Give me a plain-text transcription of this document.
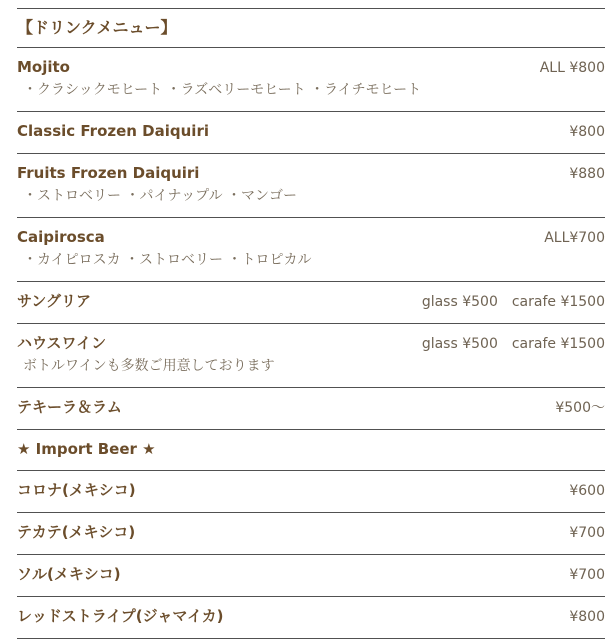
【ドリンクメニュー】
Mojito	ALL ¥800
・クラシックモヒート ・ラズベリーモヒート ・ライチモヒート
Classic Frozen Daiquiri	¥800
Fruits Frozen Daiquiri	¥880
・ストロベリー ・パイナップル ・マンゴー
Caipirosca	ALL¥700
・カイピロスカ ・ストロベリー ・トロピカル
サングリア	glass ¥500　carafe ¥1500
ハウスワイン	glass ¥500　carafe ¥1500
ボトルワインも多数ご用意しております
テキーラ＆ラム	¥500〜
★ Import Beer ★
コロナ(メキシコ)	¥600
テカテ(メキシコ)	¥700
ソル(メキシコ)	¥700
レッドストライプ(ジャマイカ)	¥800
